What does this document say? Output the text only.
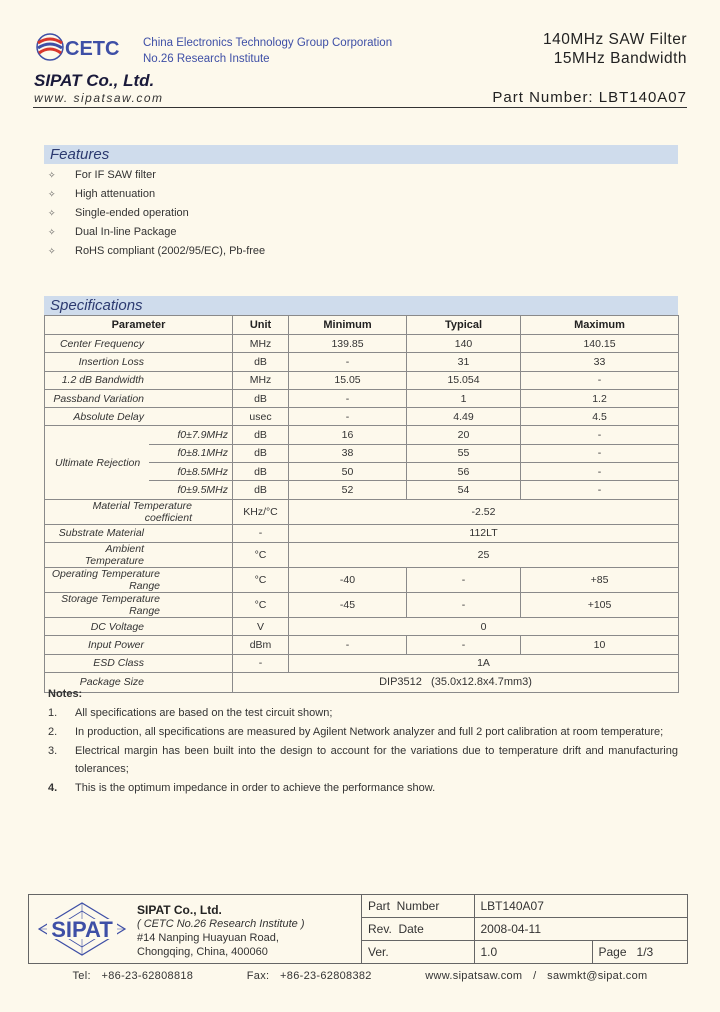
CETC China Electronics Technology Group Corporation
No.26 Research Institute
SIPAT Co., Ltd.
www. sipatsaw.com
140MHz SAW Filter
15MHz Bandwidth
Part Number: LBT140A07
Features
✧	For IF SAW filter
✧	High attenuation
✧	Single-ended operation
✧	Dual In-line Package
✧	RoHS compliant (2002/95/EC), Pb-free
Specifications
Parameter		Unit	Minimum	Typical	Maximum
Center Frequency		MHz	139.85	140	140.15
Insertion Loss		dB	-	31	33
1.2 dB Bandwidth		MHz	15.05	15.054	-
Passband Variation		dB	-	1	1.2
Absolute Delay		usec	-	4.49	4.5
Ultimate Rejection	f0±7.9MHz	dB	16	20	-
	f0±8.1MHz	dB	38	55	-
	f0±8.5MHz	dB	50	56	-
	f0±9.5MHz	dB	52	54	-
Material Temperature coefficient		KHz/°C	-2.52		
Substrate Material		-	112LT		
Ambient Temperature		°C	25		
Operating Temperature Range		°C	-40	-	+85
Storage Temperature Range		°C	-45	-	+105
DC Voltage		V	0		
Input Power		dBm	-	-	10
ESD Class		-	1A		
Package Size		DIP3512   (35.0x12.8x4.7mm3)			
Notes:
1.	All specifications are based on the test circuit shown;
2.	In production, all specifications are measured by Agilent Network analyzer and full 2 port calibration at room temperature;
3.	Electrical margin has been built into the design to account for the variations due to temperature drift and manufacturing tolerances;
4.	This is the optimum impedance in order to achieve the performance show.
SIPAT
SIPAT Co., Ltd.
( CETC No.26 Research Institute )
#14 Nanping Huayuan Road,
Chongqing, China, 400060
Part  Number	LBT140A07	
Rev.  Date	2008-04-11	
Ver.	1.0	Page   1/3
Tel:  +86-23-62808818          Fax:  +86-23-62808382          www.sipatsaw.com  /  sawmkt@sipat.com
